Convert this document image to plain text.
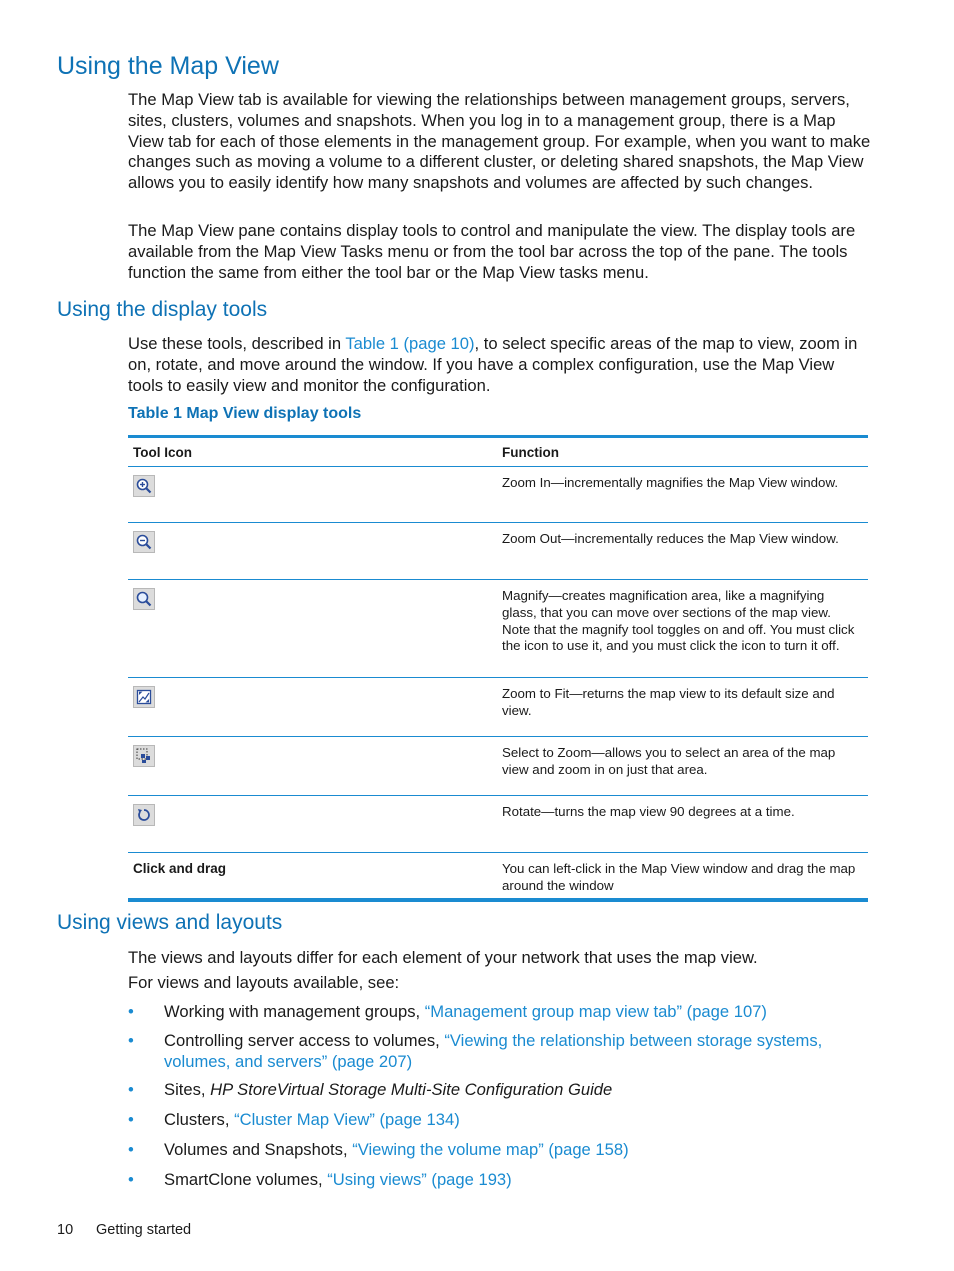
Using the Map View

The Map View tab is available for viewing the relationships between management groups, servers, sites, clusters, volumes and snapshots. When you log in to a management group, there is a Map View tab for each of those elements in the management group. For example, when you want to make changes such as moving a volume to a different cluster, or deleting shared snapshots, the Map View allows you to easily identify how many snapshots and volumes are affected by such changes.

The Map View pane contains display tools to control and manipulate the view. The display tools are available from the Map View Tasks menu or from the tool bar across the top of the pane. The tools function the same from either the tool bar or the Map View tasks menu.

Using the display tools

Use these tools, described in Table 1 (page 10), to select specific areas of the map to view, zoom in on, rotate, and move around the window. If you have a complex configuration, use the Map View tools to easily view and monitor the configuration.

Table 1 Map View display tools

Tool Icon	Function
Zoom In—incrementally magnifies the Map View window.
Zoom Out—incrementally reduces the Map View window.
Magnify—creates magnification area, like a magnifying glass, that you can move over sections of the map view. Note that the magnify tool toggles on and off. You must click the icon to use it, and you must click the icon to turn it off.
Zoom to Fit—returns the map view to its default size and view.
Select to Zoom—allows you to select an area of the map view and zoom in on just that area.
Rotate—turns the map view 90 degrees at a time.
Click and drag	You can left-click in the Map View window and drag the map around the window
Using views and layouts

The views and layouts differ for each element of your network that uses the map view.

For views and layouts available, see:

• Working with management groups, “Management group map view tab” (page 107)
• Controlling server access to volumes, “Viewing the relationship between storage systems, volumes, and servers” (page 207)
• Sites, HP StoreVirtual Storage Multi-Site Configuration Guide
• Clusters, “Cluster Map View” (page 134)
• Volumes and Snapshots, “Viewing the volume map” (page 158)
• SmartClone volumes, “Using views” (page 193)

10 Getting started
